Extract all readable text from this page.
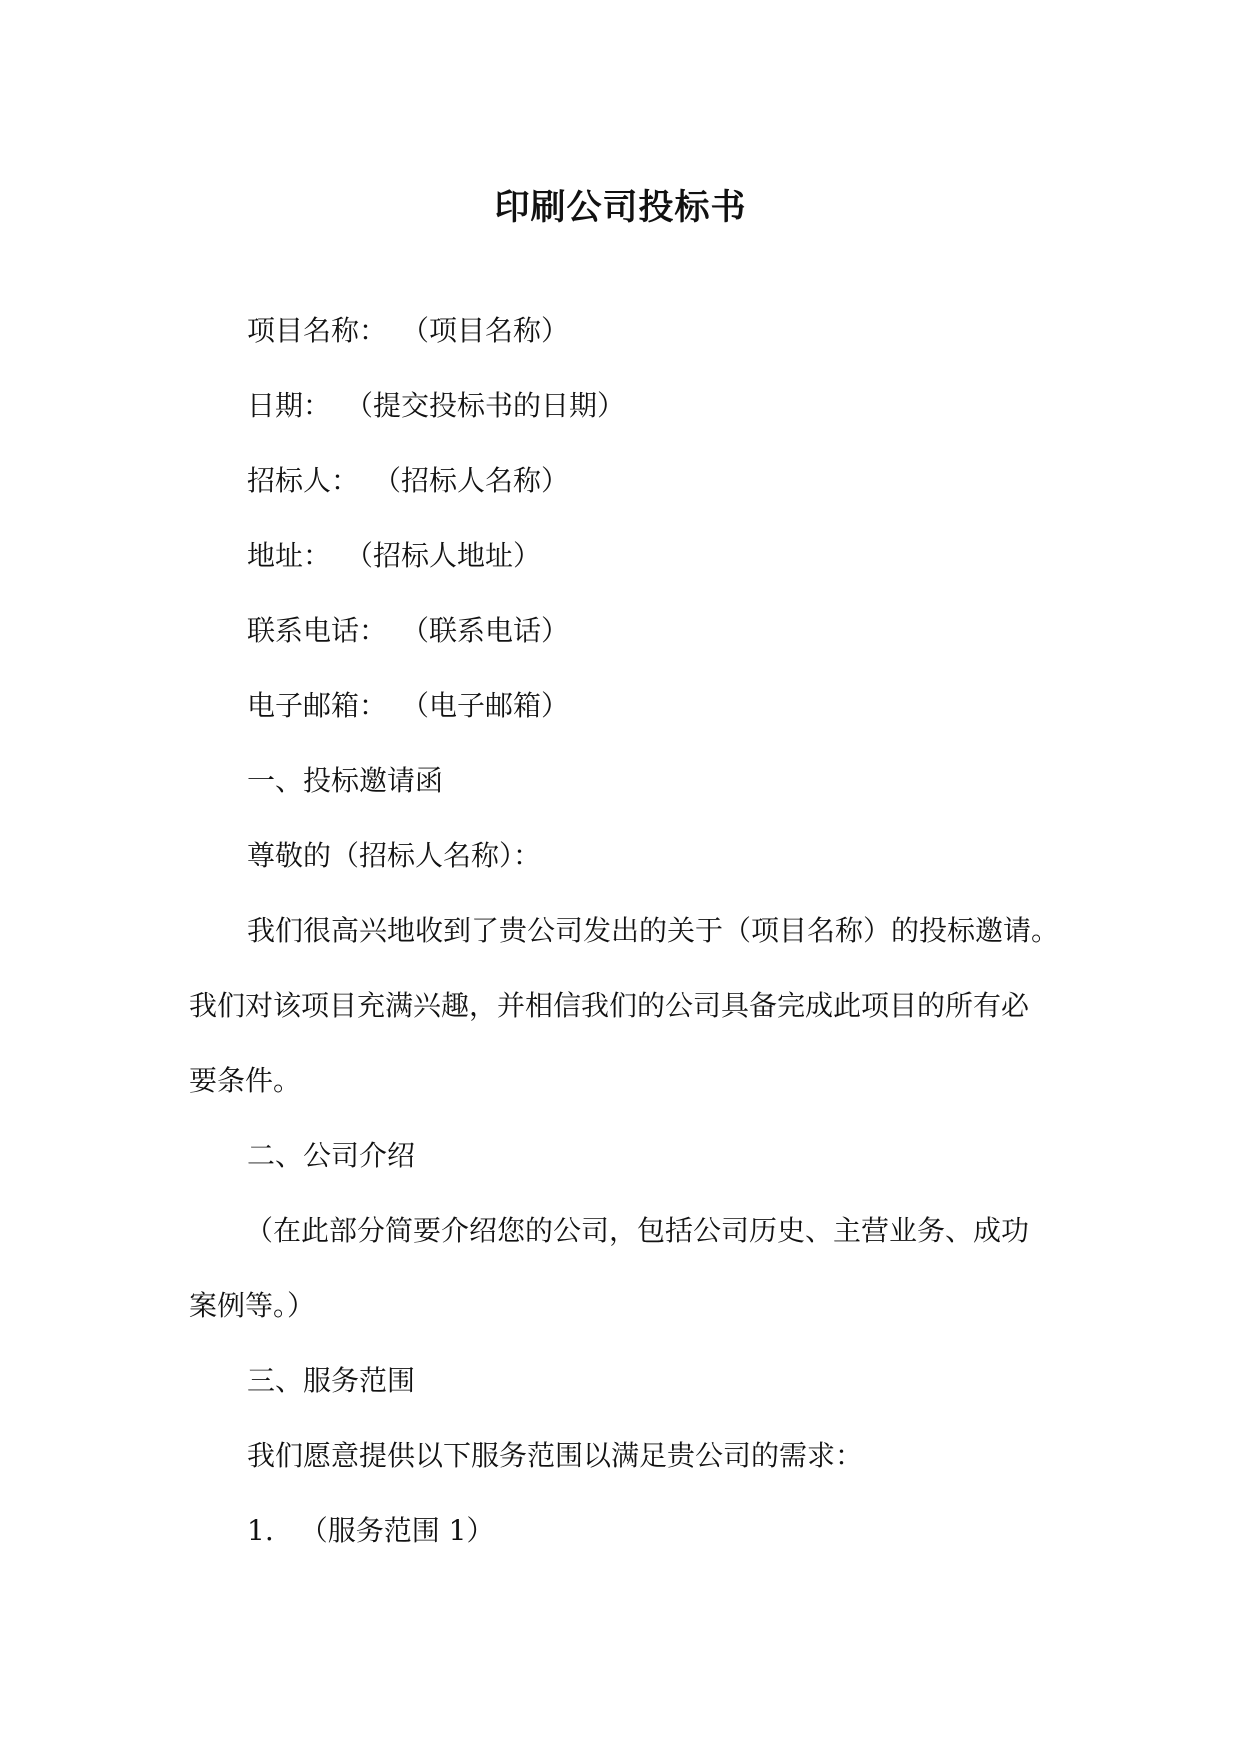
印刷公司投标书
项目名称： （项目名称）
日期： （提交投标书的日期）
招标人： （招标人名称）
地址： （招标人地址）
联系电话： （联系电话）
电子邮箱： （电子邮箱）
一、投标邀请函
尊敬的（招标人名称）：
我们很高兴地收到了贵公司发出的关于（项目名称）的投标邀请。
我们对该项目充满兴趣，并相信我们的公司具备完成此项目的所有必
要条件。
二、公司介绍
（在此部分简要介绍您的公司，包括公司历史、主营业务、成功
案例等。）
三、服务范围
我们愿意提供以下服务范围以满足贵公司的需求：
1. （服务范围 1）
